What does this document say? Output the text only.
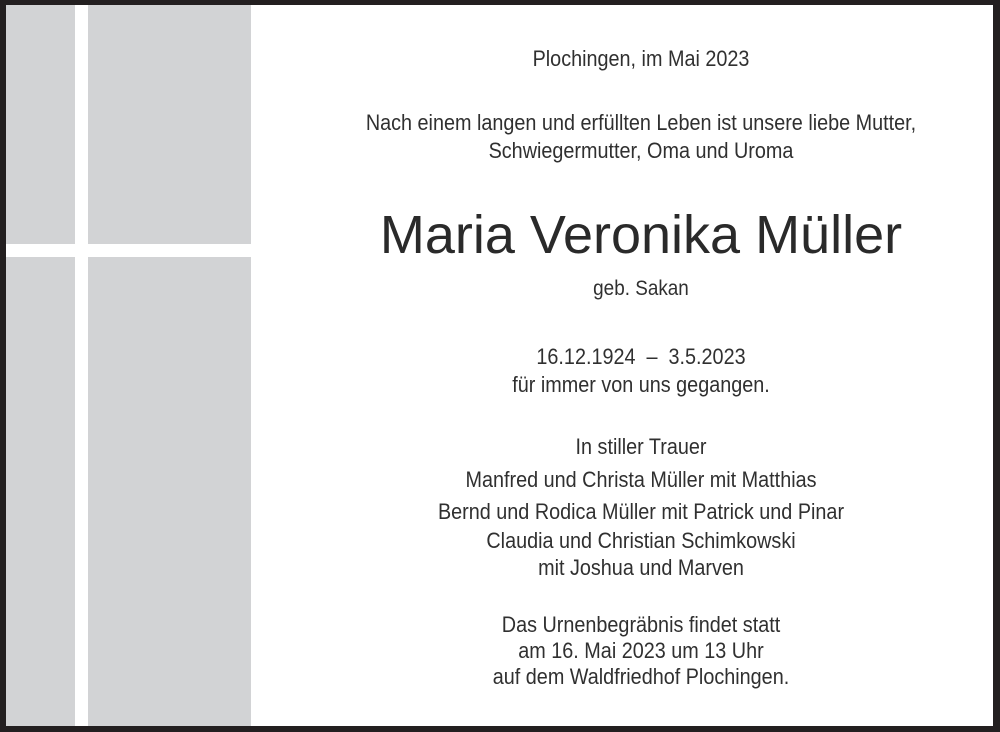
Plochingen, im Mai 2023
Nach einem langen und erfüllten Leben ist unsere liebe Mutter,
Schwiegermutter, Oma und Uroma
Maria Veronika Müller
geb. Sakan

16.12.1924  –  3.5.2023

für immer von uns gegangen.
In stiller Trauer
Manfred und Christa Müller mit Matthias
Bernd und Rodica Müller mit Patrick und Pinar
Claudia und Christian Schimkowski
mit Joshua und Marven
Das Urnenbegräbnis findet statt
am 16. Mai 2023 um 13 Uhr
auf dem Waldfriedhof Plochingen.
